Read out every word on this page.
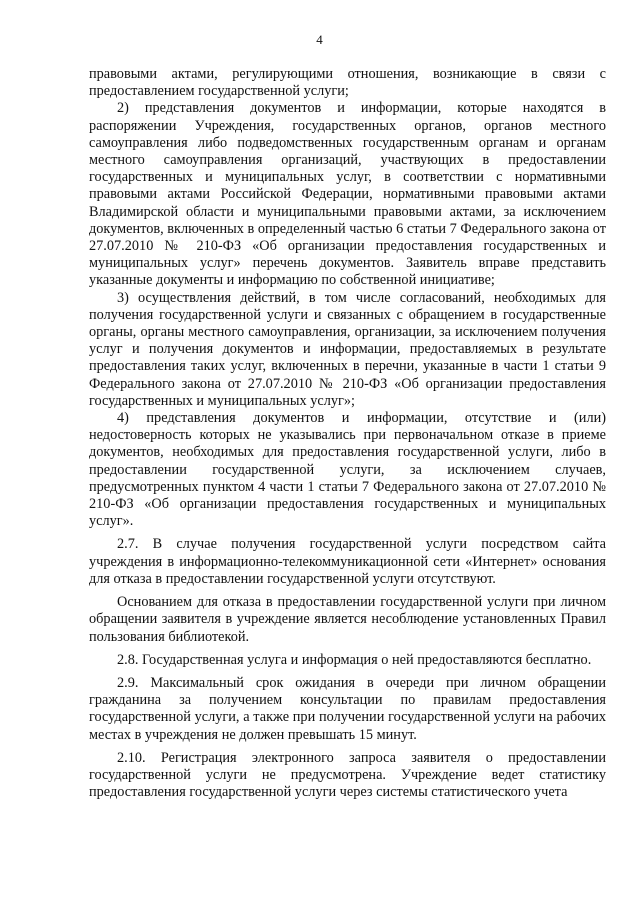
4

правовыми актами, регулирующими отношения, возникающие в связи с предоставлением государственной услуги;

2) представления документов и информации, которые находятся в распоряжении Учреждения, государственных органов, органов местного самоуправления либо подведомственных государственным органам и органам местного самоуправления организаций, участвующих в предоставлении государственных и муниципальных услуг, в соответствии с нормативными правовыми актами Российской Федерации, нормативными правовыми актами Владимирской области и муниципальными правовыми актами, за исключением документов, включенных в определенный частью 6 статьи 7 Федерального закона от 27.07.2010 № 210-ФЗ «Об организации предоставления государственных и муниципальных услуг» перечень документов. Заявитель вправе представить указанные документы и информацию по собственной инициативе;

3) осуществления действий, в том числе согласований, необходимых для получения государственной услуги и связанных с обращением в государственные органы, органы местного самоуправления, организации, за исключением получения услуг и получения документов и информации, предоставляемых в результате предоставления таких услуг, включенных в перечни, указанные в части 1 статьи 9 Федерального закона от 27.07.2010 № 210-ФЗ «Об организации предоставления государственных и муниципальных услуг»;

4) представления документов и информации, отсутствие и (или) недостоверность которых не указывались при первоначальном отказе в приеме документов, необходимых для предоставления государственной услуги, либо в предоставлении государственной услуги, за исключением случаев, предусмотренных пунктом 4 части 1 статьи 7 Федерального закона от 27.07.2010 № 210-ФЗ «Об организации предоставления государственных и муниципальных услуг».

2.7. В случае получения государственной услуги посредством сайта учреждения в информационно-телекоммуникационной сети «Интернет» основания для отказа в предоставлении государственной услуги отсутствуют.

Основанием для отказа в предоставлении государственной услуги при личном обращении заявителя в учреждение является несоблюдение установленных Правил пользования библиотекой.

2.8. Государственная услуга и информация о ней предоставляются бесплатно.

2.9. Максимальный срок ожидания в очереди при личном обращении гражданина за получением консультации по правилам предоставления государственной услуги, а также при получении государственной услуги на рабочих местах в учреждения не должен превышать 15 минут.

2.10. Регистрация электронного запроса заявителя о предоставлении государственной услуги не предусмотрена. Учреждение ведет статистику предоставления государственной услуги через системы статистического учета
